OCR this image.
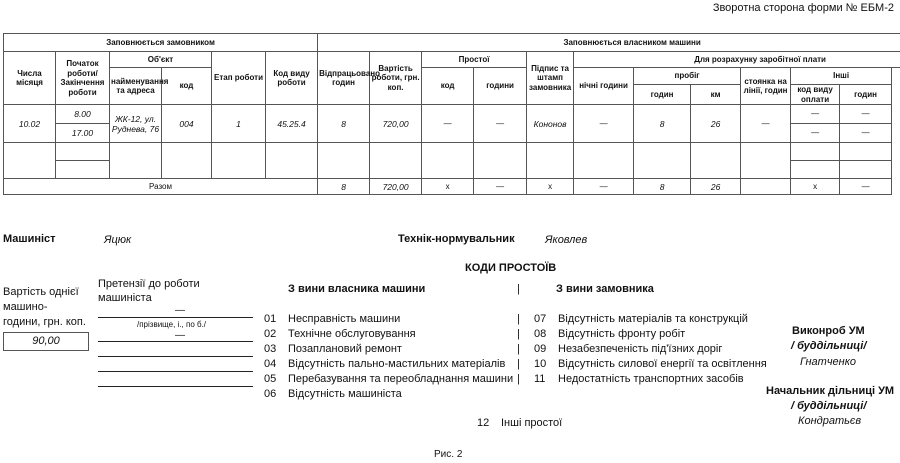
Зворотна сторона форми № ЕБМ-2
Заповнюється замовником						Заповнюється власником машини										
Числа місяця	Початок роботи/ Закінчення роботи	Об'єкт		Етап роботи	Код виду роботи	Відпрацьовано годин	Вартість роботи, грн. коп.	Простої		Підпис та штамп замовника	Для розрахунку заробітної плати					
		найменування та адреса	код					код	години		нічні години	пробіг		стоянка на лінії, годин	Інші	
												годин	км		код виду оплати	годин

10.02	8.00	ЖК-12, ул. Руднева, 76	004	1	45.25.4	8	720,00	—	—	Кононов	—	8	26	—	—	—
	17.00														—	—

Разом						8	720,00	х	—	х	—	8	26		х	—
Машиніст	Яцюк	Технік-нормувальник	Яковлев
Вартість однієї
машино-
години, грн. коп.
90,00
Претензії до роботи
машиніста
—
/прізвище, і., по б./
—
КОДИ ПРОСТОЇВ
З вини власника машини	|	З вини замовника
01 Несправність машини
02 Технічне обслуговування
03 Позаплановий ремонт
04 Відсутність пально-мастильних матеріалів
05 Перебазування та переобладнання машини
06 Відсутність машиніста
|
|
|
|
|
07 Відсутність матеріалів та конструкцій
08 Відсутність фронту робіт
09 Незабезпеченість під'їзних доріг
10 Відсутність силової енергії та освітлення
11 Недостатність транспортних засобів
12 Інші простої
Виконроб УМ
/ буддільниці/
Гнатченко
Начальник дільниці УМ
/ буддільниці/
Кондратьєв
Рис. 2
